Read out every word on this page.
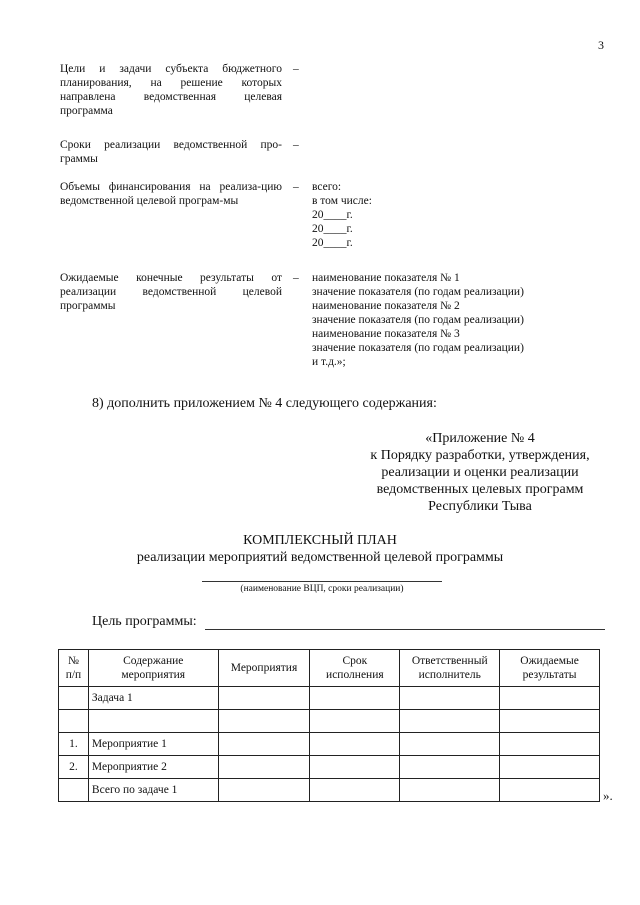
3
Цели и задачи субъекта бюджетного планирования, на решение которых направлена ведомственная целевая программа
–
Сроки реализации ведомственной про-граммы
–
Объемы финансирования на реализа-цию ведомственной целевой програм-мы
– всего:
в том числе:
20____г.
20____г.
20____г.
Ожидаемые конечные результаты от реализации ведомственной целевой программы
– наименование показателя № 1
значение показателя (по годам реализации)
наименование показателя № 2
значение показателя (по годам реализации)
наименование показателя № 3
значение показателя (по годам реализации)
и т.д.»;
8) дополнить приложением № 4 следующего содержания:
«Приложение № 4
к Порядку разработки, утверждения,
реализации и оценки реализации
ведомственных целевых программ
Республики Тыва
КОМПЛЕКСНЫЙ ПЛАН
реализации мероприятий ведомственной целевой программы
(наименование ВЦП, сроки реализации)
Цель программы:
№ п/п	Содержание мероприятия	Мероприятия	Срок исполнения	Ответственный исполнитель	Ожидаемые результаты
	Задача 1				

1.	Мероприятие 1				
2.	Мероприятие 2				
	Всего по задаче 1					».
